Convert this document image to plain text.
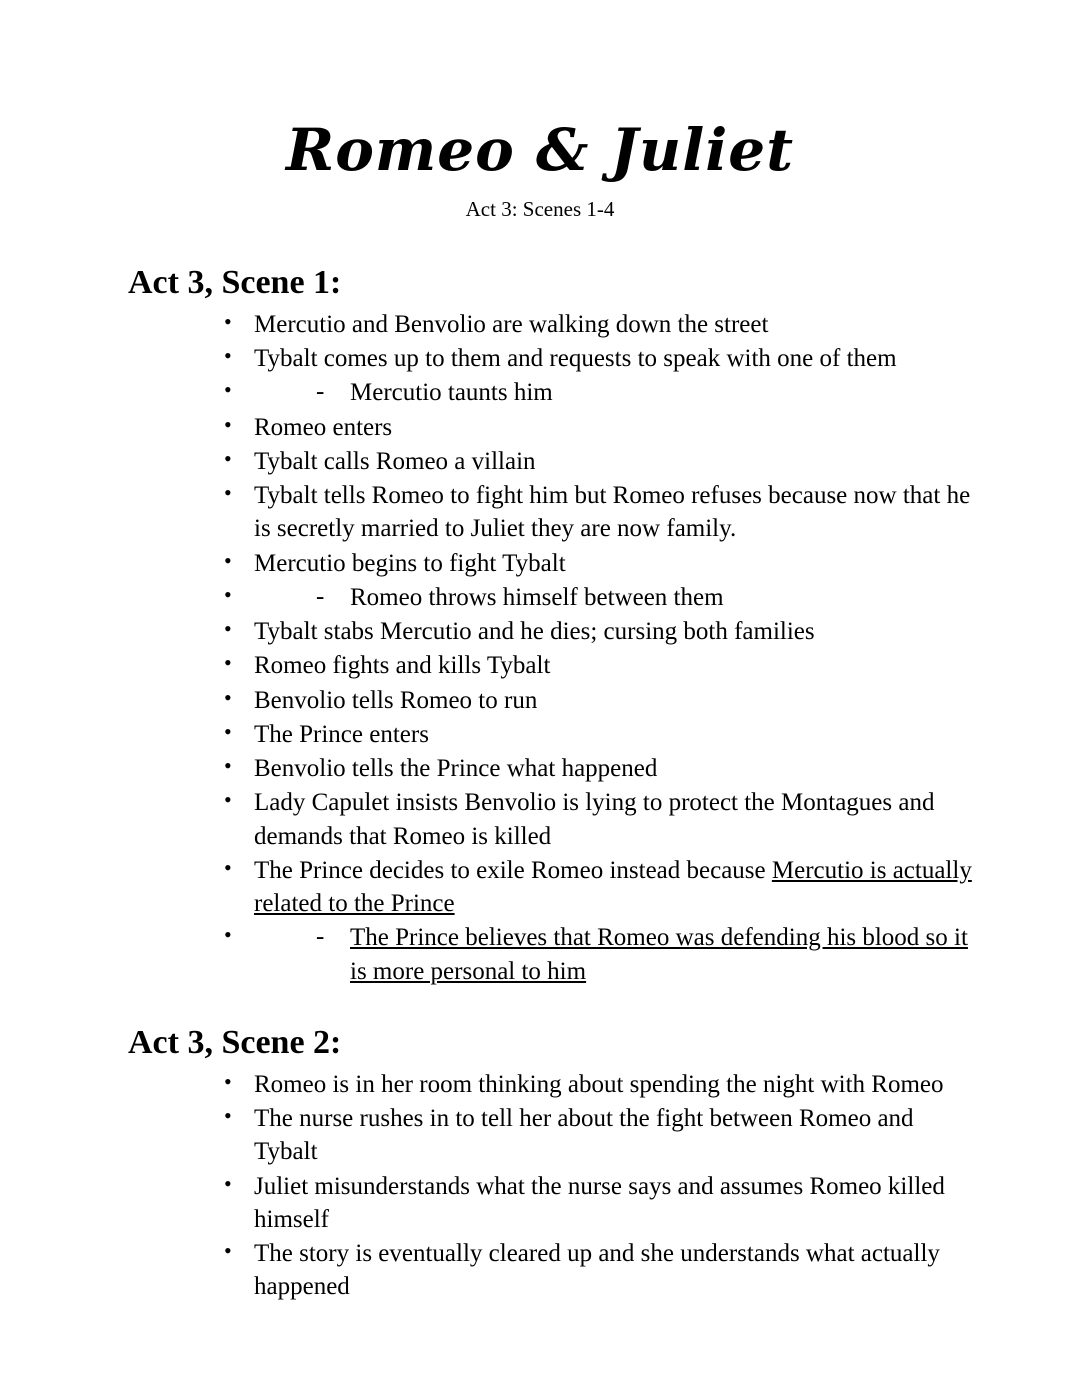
Romeo & Juliet
Act 3: Scenes 1-4
Act 3, Scene 1:
• Mercutio and Benvolio are walking down the street
• Tybalt comes up to them and requests to speak with one of them
- • Mercutio taunts him
• Romeo enters
• Tybalt calls Romeo a villain
• Tybalt tells Romeo to fight him but Romeo refuses because now that he is secretly married to Juliet they are now family.
• Mercutio begins to fight Tybalt
- • Romeo throws himself between them
• Tybalt stabs Mercutio and he dies; cursing both families
• Romeo fights and kills Tybalt
• Benvolio tells Romeo to run
• The Prince enters
• Benvolio tells the Prince what happened
• Lady Capulet insists Benvolio is lying to protect the Montagues and demands that Romeo is killed
• The Prince decides to exile Romeo instead because Mercutio is actually related to the Prince
- • The Prince believes that Romeo was defending his blood so it is more personal to him
Act 3, Scene 2:
• Romeo is in her room thinking about spending the night with Romeo
• The nurse rushes in to tell her about the fight between Romeo and Tybalt
• Juliet misunderstands what the nurse says and assumes Romeo killed himself
• The story is eventually cleared up and she understands what actually happened
